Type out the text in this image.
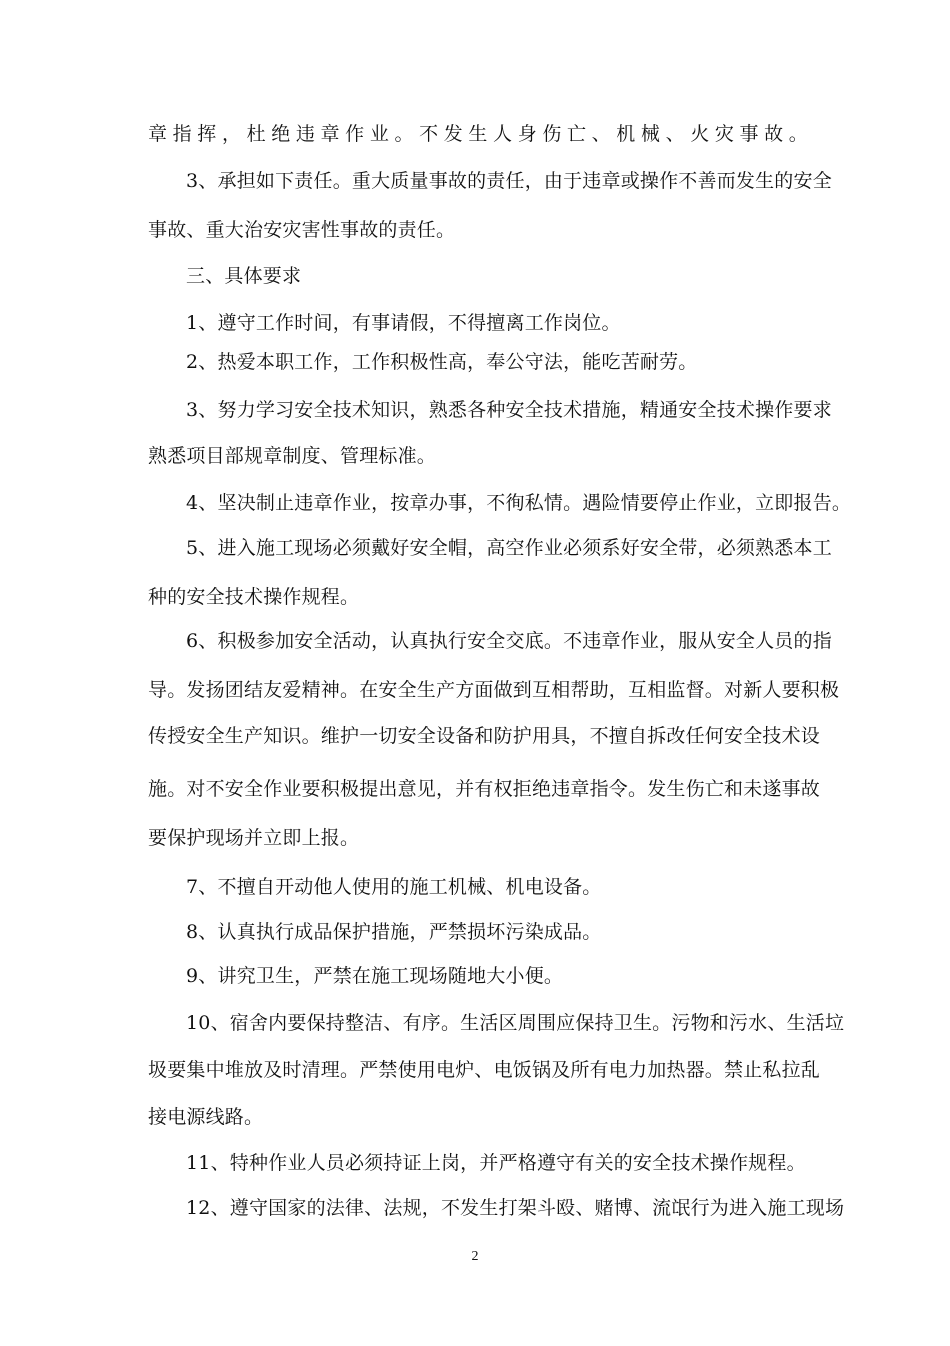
章指挥，杜绝违章作业。不发生人身伤亡、机械、火灾事故。
3、承担如下责任。重大质量事故的责任，由于违章或操作不善而发生的安全
事故、重大治安灾害性事故的责任。
三、具体要求
1、遵守工作时间，有事请假，不得擅离工作岗位。
2、热爱本职工作，工作积极性高，奉公守法，能吃苦耐劳。
3、努力学习安全技术知识，熟悉各种安全技术措施，精通安全技术操作要求
熟悉项目部规章制度、管理标准。
4、坚决制止违章作业，按章办事，不徇私情。遇险情要停止作业，立即报告。
5、进入施工现场必须戴好安全帽，高空作业必须系好安全带，必须熟悉本工
种的安全技术操作规程。
6、积极参加安全活动，认真执行安全交底。不违章作业，服从安全人员的指
导。发扬团结友爱精神。在安全生产方面做到互相帮助，互相监督。对新人要积极
传授安全生产知识。维护一切安全设备和防护用具，不擅自拆改任何安全技术设
施。对不安全作业要积极提出意见，并有权拒绝违章指令。发生伤亡和未遂事故
要保护现场并立即上报。
7、不擅自开动他人使用的施工机械、机电设备。
8、认真执行成品保护措施，严禁损坏污染成品。
9、讲究卫生，严禁在施工现场随地大小便。
10、宿舍内要保持整洁、有序。生活区周围应保持卫生。污物和污水、生活垃
圾要集中堆放及时清理。严禁使用电炉、电饭锅及所有电力加热器。禁止私拉乱
接电源线路。
11、特种作业人员必须持证上岗，并严格遵守有关的安全技术操作规程。
12、遵守国家的法律、法规，不发生打架斗殴、赌博、流氓行为进入施工现场
2
